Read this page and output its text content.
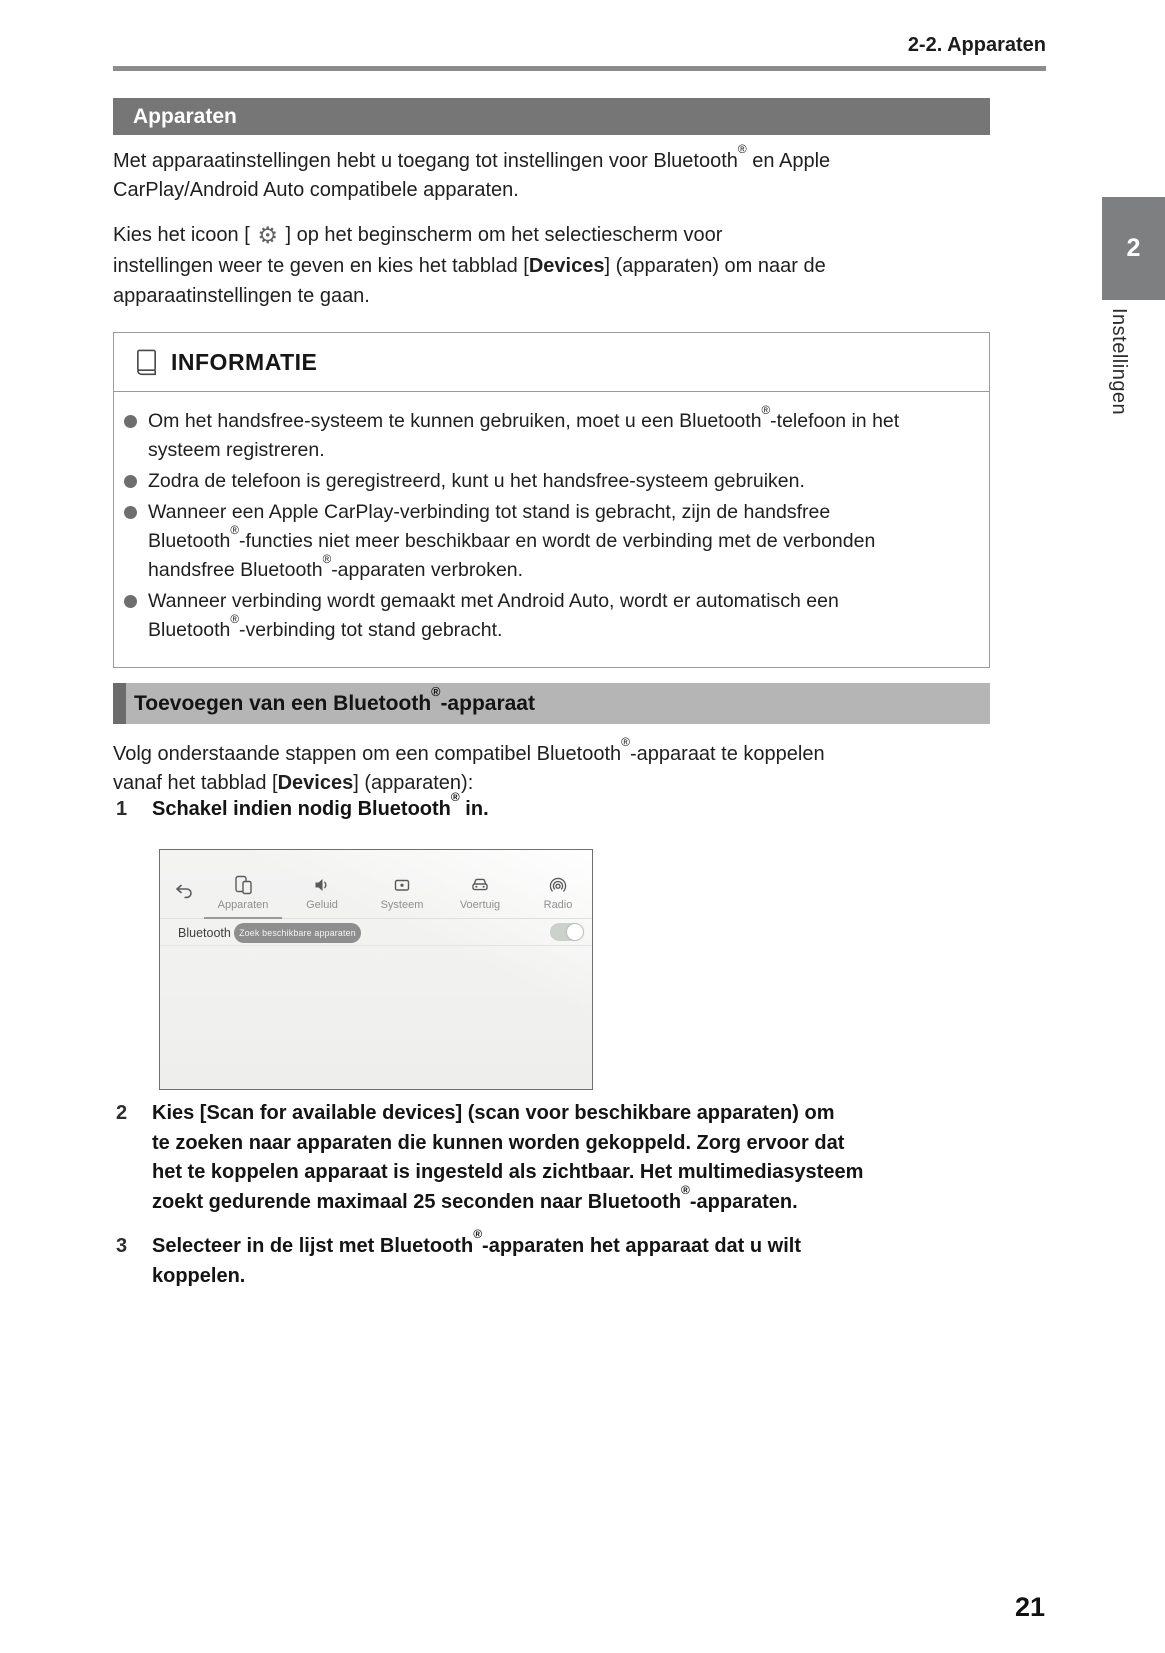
2-2. Apparaten
Apparaten
Met apparaatinstellingen hebt u toegang tot instellingen voor Bluetooth® en Apple
CarPlay/Android Auto compatibele apparaten.
Kies het icoon [ ⚙ ] op het beginscherm om het selectiescherm voor
instellingen weer te geven en kies het tabblad [Devices] (apparaten) om naar de
apparaatinstellingen te gaan.
INFORMATIE
Om het handsfree-systeem te kunnen gebruiken, moet u een Bluetooth®-telefoon in het
systeem registreren.
Zodra de telefoon is geregistreerd, kunt u het handsfree-systeem gebruiken.
Wanneer een Apple CarPlay-verbinding tot stand is gebracht, zijn de handsfree
Bluetooth®-functies niet meer beschikbaar en wordt de verbinding met de verbonden
handsfree Bluetooth®-apparaten verbroken.
Wanneer verbinding wordt gemaakt met Android Auto, wordt er automatisch een
Bluetooth®-verbinding tot stand gebracht.
Toevoegen van een Bluetooth®-apparaat
Volg onderstaande stappen om een compatibel Bluetooth®-apparaat te koppelen
vanaf het tabblad [Devices] (apparaten):
1	Schakel indien nodig Bluetooth® in.
Apparaten	Geluid	Systeem	Voertuig	Radio
Bluetooth Zoek beschikbare apparaten
2	Kies [Scan for available devices] (scan voor beschikbare apparaten) om
te zoeken naar apparaten die kunnen worden gekoppeld. Zorg ervoor dat
het te koppelen apparaat is ingesteld als zichtbaar. Het multimediasysteem
zoekt gedurende maximaal 25 seconden naar Bluetooth®-apparaten.
3	Selecteer in de lijst met Bluetooth®-apparaten het apparaat dat u wilt
koppelen.
2
Instellingen
21
